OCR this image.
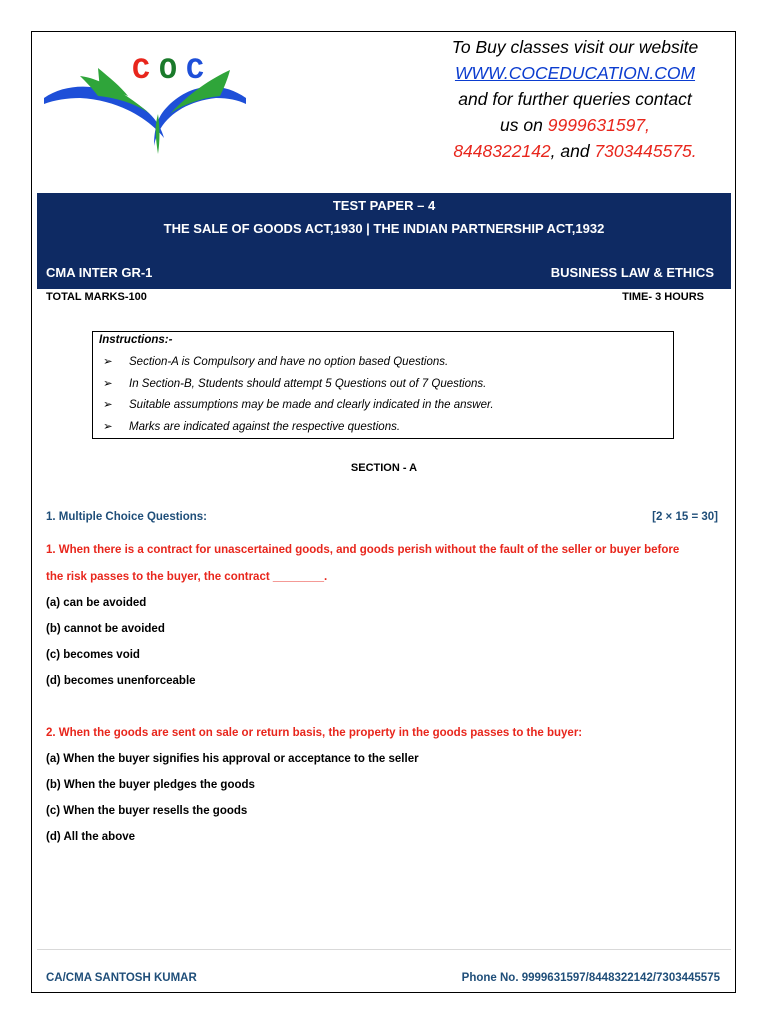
C O C
To Buy classes visit our website
WWW.COCEDUCATION.COM
and for further queries contact
us on 9999631597,
8448322142, and 7303445575.
TEST PAPER – 4
THE SALE OF GOODS ACT,1930 | THE INDIAN PARTNERSHIP ACT,1932
CMA INTER GR-1	BUSINESS LAW & ETHICS
TOTAL MARKS-100	TIME- 3 HOURS
Instructions:-
➢ Section-A is Compulsory and have no option based Questions.
➢ In Section-B, Students should attempt 5 Questions out of 7 Questions.
➢ Suitable assumptions may be made and clearly indicated in the answer.
➢ Marks are indicated against the respective questions.
SECTION - A
1. Multiple Choice Questions:	[2 × 15 = 30]
1. When there is a contract for unascertained goods, and goods perish without the fault of the seller or buyer before
the risk passes to the buyer, the contract ________.
(a) can be avoided
(b) cannot be avoided
(c) becomes void
(d) becomes unenforceable
2. When the goods are sent on sale or return basis, the property in the goods passes to the buyer:
(a) When the buyer signifies his approval or acceptance to the seller
(b) When the buyer pledges the goods
(c) When the buyer resells the goods
(d) All the above
CA/CMA SANTOSH KUMAR	Phone No. 9999631597/8448322142/7303445575
